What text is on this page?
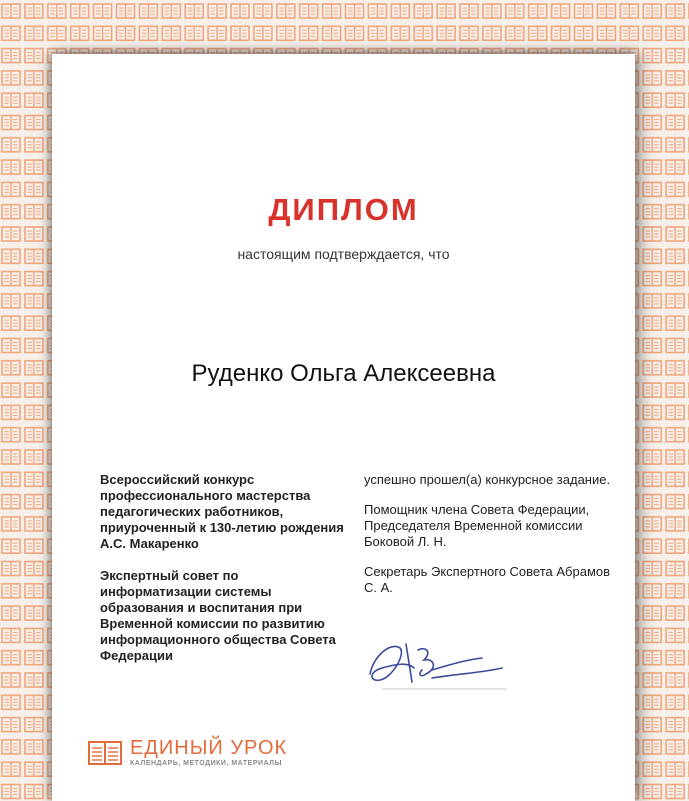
ДИПЛОМ
настоящим подтверждается, что
Руденко Ольга Алексеевна

Всероссийский конкурс профессионального мастерства педагогических работников, приуроченный к 130-летию рождения А.С. Макаренко

Экспертный совет по информатизации системы образования и воспитания при Временной комиссии по развитию информационного общества Совета Федерации

успешно прошел(а) конкурсное задание.

Помощник члена Совета Федерации, Председателя Временной комиссии Боковой Л. Н.

Секретарь Экспертного Совета Абрамов С. А.

ЕДИНЫЙ УРОК
КАЛЕНДАРЬ, МЕТОДИКИ, МАТЕРИАЛЫ
